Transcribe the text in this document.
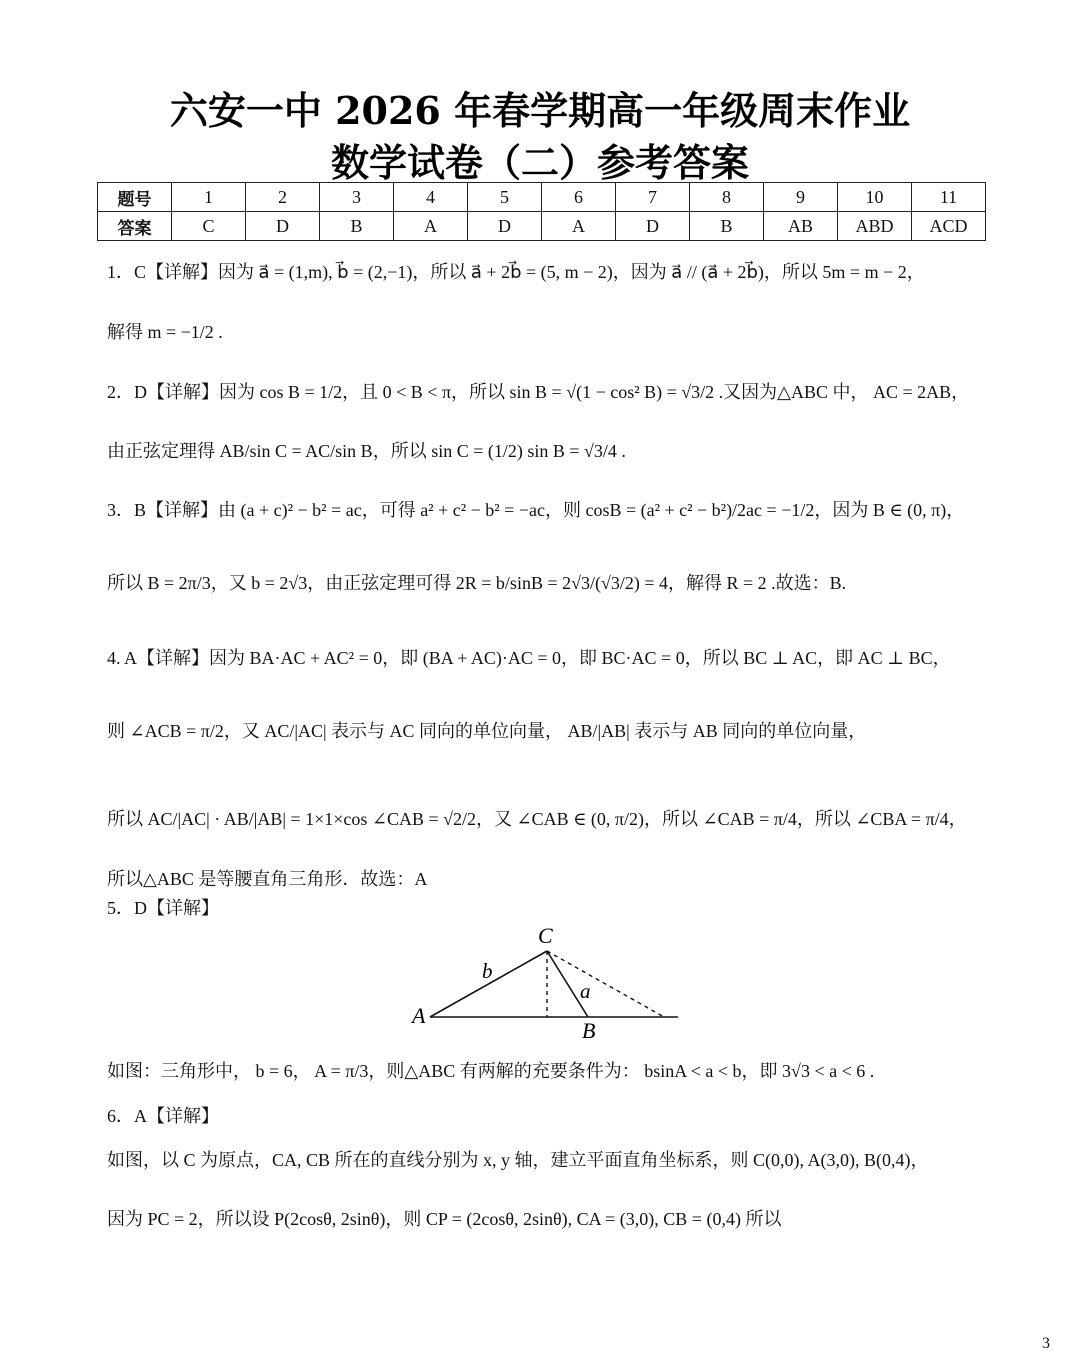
六安一中 2026 年春学期高一年级周末作业
数学试卷（二）参考答案
题号	1	2	3	4	5	6	7	8	9	10	11
答案	C	D	B	A	D	A	D	B	AB	ABD	ACD
1．C【详解】因为 a⃗ = (1,m), b⃗ = (2,−1)，所以 a⃗ + 2b⃗ = (5, m − 2)，因为 a⃗ // (a⃗ + 2b⃗)，所以 5m = m − 2，
解得 m = −1/2 .
2．D【详解】因为 cos B = 1/2，且 0 < B < π，所以 sin B = √(1 − cos² B) = √3/2 .又因为△ABC 中， AC = 2AB，
由正弦定理得 AB/sin C = AC/sin B，所以 sin C = (1/2) sin B = √3/4 .
3．B【详解】由 (a + c)² − b² = ac，可得 a² + c² − b² = −ac，则 cosB = (a² + c² − b²)/2ac = −1/2，因为 B ∈ (0, π)，
所以 B = 2π/3，又 b = 2√3，由正弦定理可得 2R = b/sinB = 2√3/(√3/2) = 4，解得 R = 2 .故选：B.
4. A【详解】因为 BA·AC + AC² = 0，即 (BA + AC)·AC = 0，即 BC·AC = 0，所以 BC ⊥ AC，即 AC ⊥ BC，
则 ∠ACB = π/2，又 AC/|AC| 表示与 AC 同向的单位向量， AB/|AB| 表示与 AB 同向的单位向量，
所以 AC/|AC| · AB/|AB| = 1×1×cos ∠CAB = √2/2，又 ∠CAB ∈ (0, π/2)，所以 ∠CAB = π/4，所以 ∠CBA = π/4，
所以△ABC 是等腰直角三角形．故选：A
5．D【详解】
A
B
C
a
b
如图：三角形中， b = 6， A = π/3，则△ABC 有两解的充要条件为： bsinA < a < b，即 3√3 < a < 6 .
6．A【详解】
如图，以 C 为原点，CA, CB 所在的直线分别为 x, y 轴，建立平面直角坐标系，则 C(0,0), A(3,0), B(0,4)，
因为 PC = 2，所以设 P(2cosθ, 2sinθ)，则 CP = (2cosθ, 2sinθ), CA = (3,0), CB = (0,4) 所以
3
